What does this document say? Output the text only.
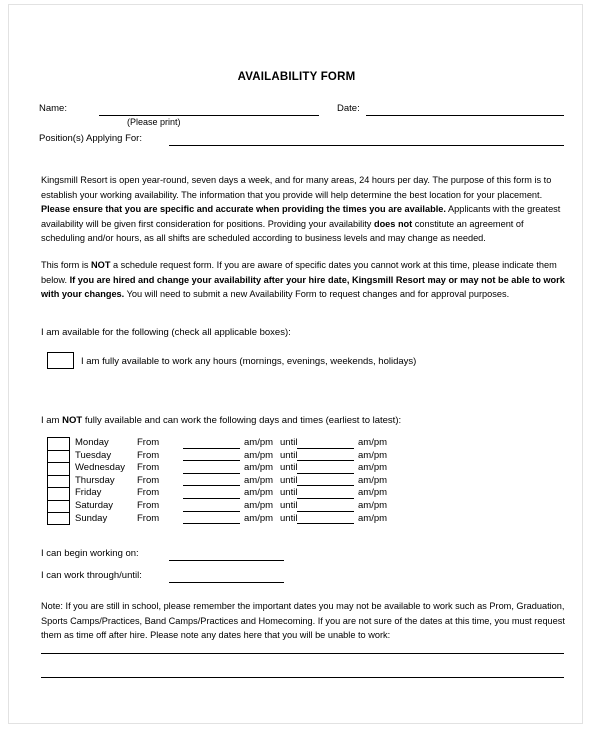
AVAILABILITY FORM
Name:
(Please print)
Date:
Position(s) Applying For:
Kingsmill Resort is open year-round, seven days a week, and for many areas, 24 hours per day. The purpose of this form is to establish your working availability. The information that you provide will help determine the best location for your placement. Please ensure that you are specific and accurate when providing the times you are available. Applicants with the greatest availability will be given first consideration for positions. Providing your availability does not constitute an agreement of scheduling and/or hours, as all shifts are scheduled according to business levels and may change as needed.
This form is NOT a schedule request form. If you are aware of specific dates you cannot work at this time, please indicate them below. If you are hired and change your availability after your hire date, Kingsmill Resort may or may not be able to work with your changes. You will need to submit a new Availability Form to request changes and for approval purposes.
I am available for the following (check all applicable boxes):
I am fully available to work any hours (mornings, evenings, weekends, holidays)
I am NOT fully available and can work the following days and times (earliest to latest):
Monday	From	am/pm until	am/pm
Tuesday	From	am/pm until	am/pm
Wednesday From	am/pm until	am/pm
Thursday From	am/pm until	am/pm
Friday	From	am/pm until	am/pm
Saturday	From	am/pm until	am/pm
Sunday	From	am/pm until	am/pm
I can begin working on:
I can work through/until:
Note: If you are still in school, please remember the important dates you may not be available to work such as Prom, Graduation, Sports Camps/Practices, Band Camps/Practices and Homecoming. If you are not sure of the dates at this time, you must request them as time off after hire. Please note any dates here that you will be unable to work:
